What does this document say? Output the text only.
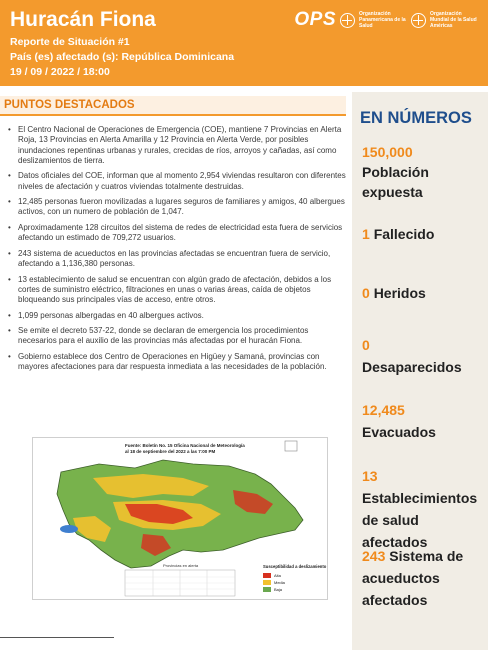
Huracán Fiona
Reporte de Situación #1
País (es) afectado (s): República Dominicana
19 / 09 / 2022 / 18:00
OPS	Organización Panamericana de la Salud
Organización Mundial de la Salud
Américas
PUNTOS DESTACADOS
• El Centro Nacional de Operaciones de Emergencia (COE), mantiene 7 Provincias en Alerta Roja, 13 Provincias en Alerta Amarilla y 12 Provincia en Alerta Verde, por posibles inundaciones repentinas urbanas y rurales, crecidas de ríos, arroyos y cañadas, así como deslizamientos de tierra.
• Datos oficiales del COE, informan que al momento 2,954 viviendas resultaron con diferentes niveles de afectación y cuatros viviendas totalmente destruidas.
• 12,485 personas fueron movilizadas a lugares seguros de familiares y amigos, 40 albergues activos, con un numero de población de 1,047.
• Aproximadamente 128 circuitos del sistema de redes de electricidad esta fuera de servicios afectando un estimado de 709,272 usuarios.
• 243 sistema de acueductos en las provincias afectadas se encuentran fuera de servicio, afectando a 1,136,380 personas.
• 13 establecimiento de salud se encuentran con algún grado de afectación, debidos a los cortes de suministro eléctrico, filtraciones en unas o varias áreas, caída de objetos bloqueando sus principales vías de acceso, entre otros.
• 1,099 personas albergadas en 40 albergues activos.
• Se emite el decreto 537-22, donde se declaran de emergencia los procedimientos necesarios para el auxilio de las provincias más afectadas por el huracán Fiona.
• Gobierno establece dos Centro de Operaciones en Higüey y Samaná, provincias con mayores afectaciones para dar respuesta inmediata a las necesidades de la población.
Fuente: Boletín No. 15 Oficina Nacional de Meteorología
al 18 de septiembre del 2022 a las 7:00 PM
Provincias en alerta	Susceptibilidad a deslizamiento
Alta
Media
Baja
EN NÚMEROS
150,000
Población expuesta
1 Fallecido
0 Heridos
0
Desaparecidos
12,485
Evacuados
13
Establecimientos de salud afectados
243 Sistema de acueductos afectados
